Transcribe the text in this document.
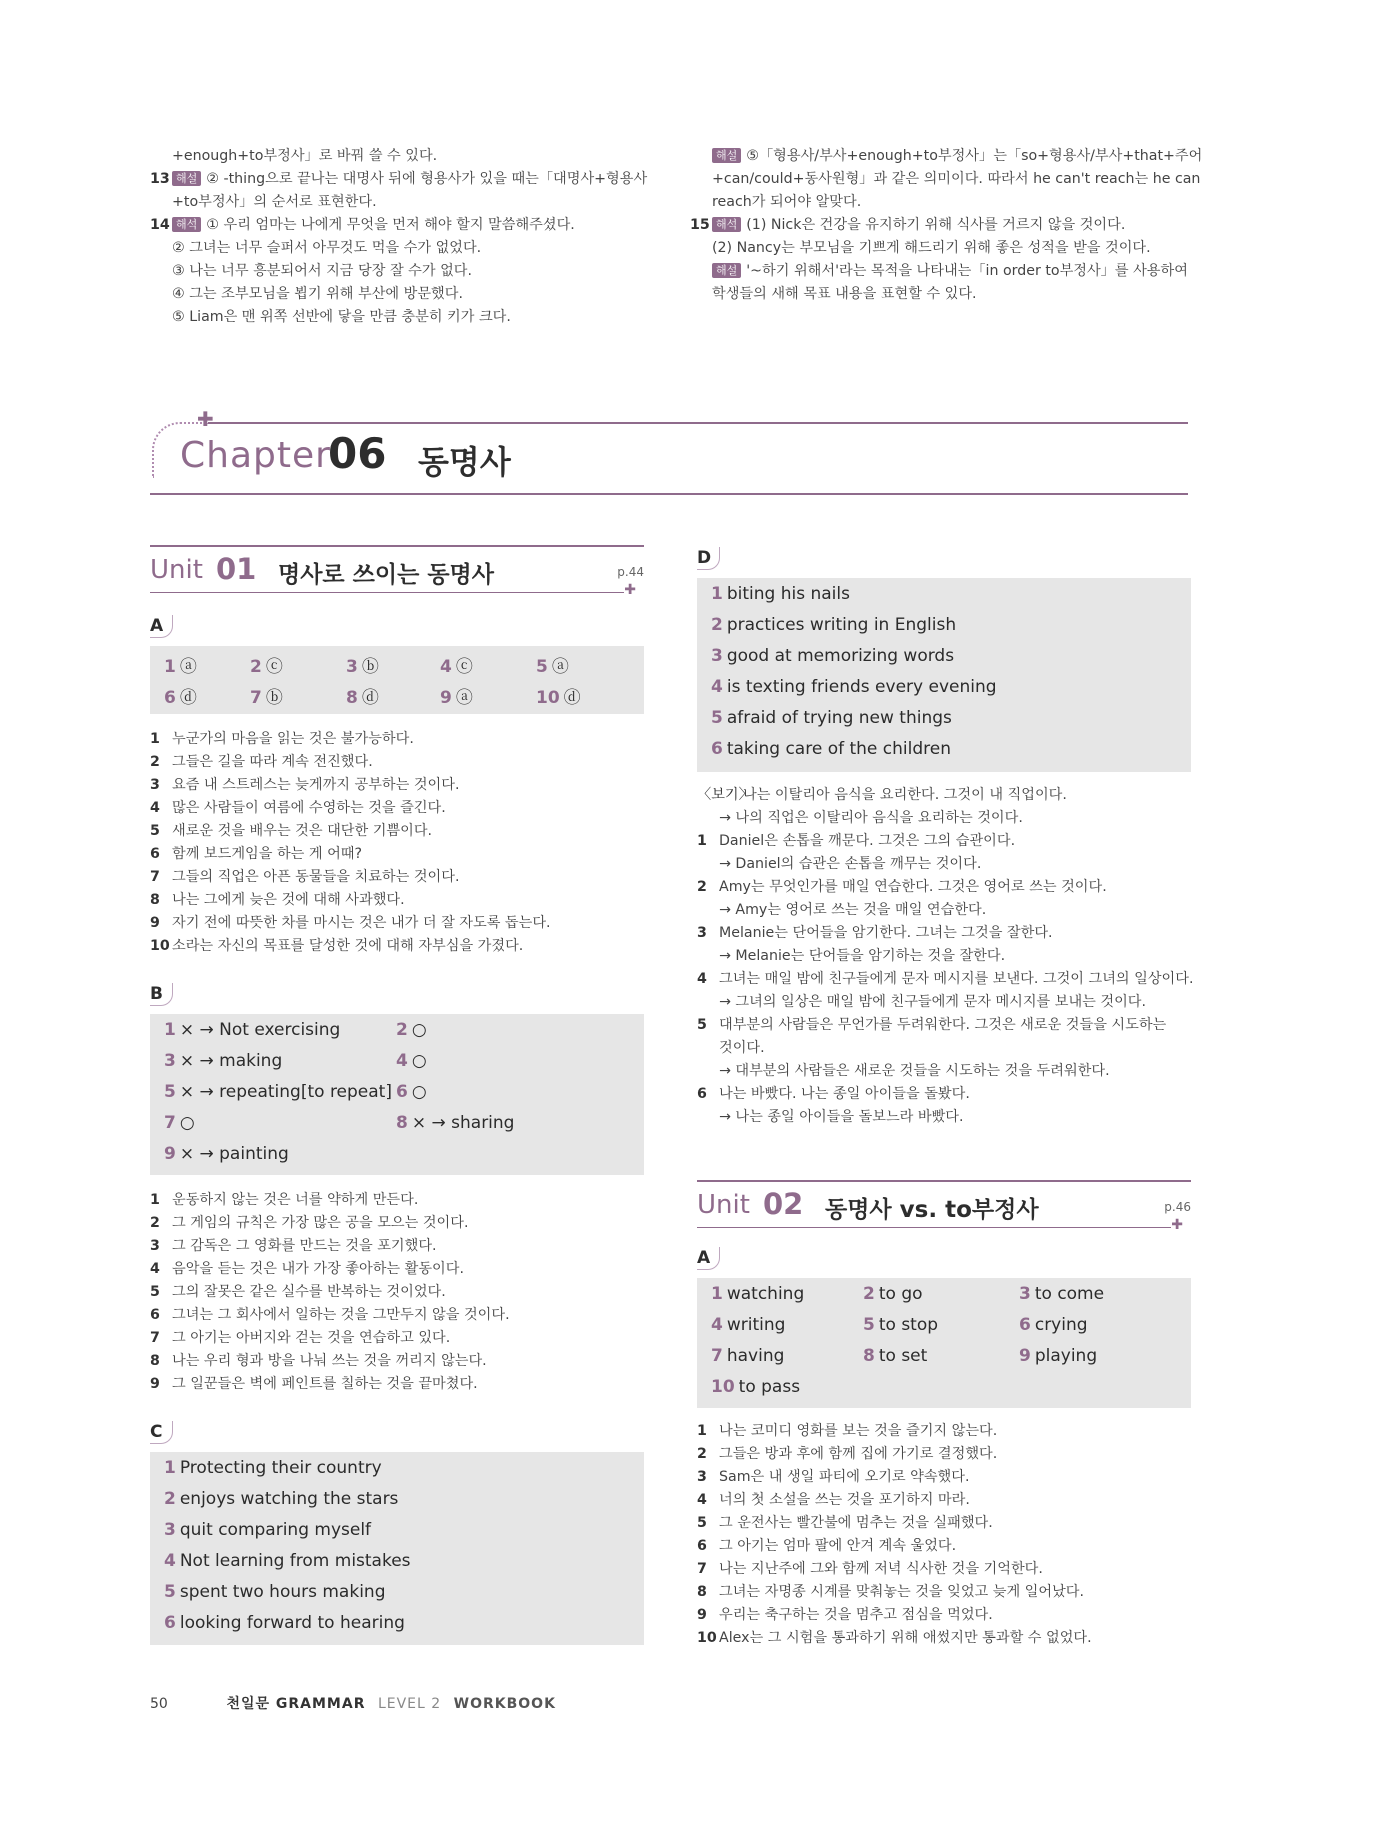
+enough+to부정사」로 바꿔 쓸 수 있다.
13 해설 ② -thing으로 끝나는 대명사 뒤에 형용사가 있을 때는「대명사+형용사
+to부정사」의 순서로 표현한다.
14 해석 ① 우리 엄마는 나에게 무엇을 먼저 해야 할지 말씀해주셨다.
② 그녀는 너무 슬퍼서 아무것도 먹을 수가 없었다.
③ 나는 너무 흥분되어서 지금 당장 잘 수가 없다.
④ 그는 조부모님을 뵙기 위해 부산에 방문했다.
⑤ Liam은 맨 위쪽 선반에 닿을 만큼 충분히 키가 크다.
해설 ⑤「형용사/부사+enough+to부정사」는「so+형용사/부사+that+주어
+can/could+동사원형」과 같은 의미이다. 따라서 he can't reach는 he can
reach가 되어야 알맞다.
15 해석 (1) Nick은 건강을 유지하기 위해 식사를 거르지 않을 것이다.
(2) Nancy는 부모님을 기쁘게 해드리기 위해 좋은 성적을 받을 것이다.
해설 '~하기 위해서'라는 목적을 나타내는「in order to부정사」를 사용하여
학생들의 새해 목표 내용을 표현할 수 있다.
✚
Chapter
06 동명사
Unit 01 명사로 쓰이는 동명사	p.44
✚
A
1 ⓐ	2 ⓒ	3 ⓑ	4 ⓒ	5 ⓐ
6 ⓓ	7 ⓑ	8 ⓓ	9 ⓐ	10 ⓓ
1 누군가의 마음을 읽는 것은 불가능하다.
2 그들은 길을 따라 계속 전진했다.
3 요즘 내 스트레스는 늦게까지 공부하는 것이다.
4 많은 사람들이 여름에 수영하는 것을 즐긴다.
5 새로운 것을 배우는 것은 대단한 기쁨이다.
6 함께 보드게임을 하는 게 어때?
7 그들의 직업은 아픈 동물들을 치료하는 것이다.
8 나는 그에게 늦은 것에 대해 사과했다.
9 자기 전에 따뜻한 차를 마시는 것은 내가 더 잘 자도록 돕는다.
10 소라는 자신의 목표를 달성한 것에 대해 자부심을 가졌다.
B
1 × → Not exercising	2 ○
3 × → making	4 ○
5 × → repeating[to repeat] 6 ○
7 ○	8 × → sharing
9 × → painting
1 운동하지 않는 것은 너를 약하게 만든다.
2 그 게임의 규칙은 가장 많은 공을 모으는 것이다.
3 그 감독은 그 영화를 만드는 것을 포기했다.
4 음악을 듣는 것은 내가 가장 좋아하는 활동이다.
5 그의 잘못은 같은 실수를 반복하는 것이었다.
6 그녀는 그 회사에서 일하는 것을 그만두지 않을 것이다.
7 그 아기는 아버지와 걷는 것을 연습하고 있다.
8 나는 우리 형과 방을 나눠 쓰는 것을 꺼리지 않는다.
9 그 일꾼들은 벽에 페인트를 칠하는 것을 끝마쳤다.
C
1 Protecting their country
2 enjoys watching the stars
3 quit comparing myself
4 Not learning from mistakes
5 spent two hours making
6 looking forward to hearing
D
1 biting his nails
2 practices writing in English
3 good at memorizing words
4 is texting friends every evening
5 afraid of trying new things
6 taking care of the children
〈보기〉나는 이탈리아 음식을 요리한다. 그것이 내 직업이다.
→ 나의 직업은 이탈리아 음식을 요리하는 것이다.
1 Daniel은 손톱을 깨문다. 그것은 그의 습관이다.
→ Daniel의 습관은 손톱을 깨무는 것이다.
2 Amy는 무엇인가를 매일 연습한다. 그것은 영어로 쓰는 것이다.
→ Amy는 영어로 쓰는 것을 매일 연습한다.
3 Melanie는 단어들을 암기한다. 그녀는 그것을 잘한다.
→ Melanie는 단어들을 암기하는 것을 잘한다.
4 그녀는 매일 밤에 친구들에게 문자 메시지를 보낸다. 그것이 그녀의 일상이다.
→ 그녀의 일상은 매일 밤에 친구들에게 문자 메시지를 보내는 것이다.
5 대부분의 사람들은 무언가를 두려워한다. 그것은 새로운 것들을 시도하는
것이다.
→ 대부분의 사람들은 새로운 것들을 시도하는 것을 두려워한다.
6 나는 바빴다. 나는 종일 아이들을 돌봤다.
→ 나는 종일 아이들을 돌보느라 바빴다.
Unit 02 동명사 vs. to부정사	p.46
✚
A
1 watching	2 to go	3 to come
4 writing	5 to stop	6 crying
7 having	8 to set	9 playing
10 to pass
1 나는 코미디 영화를 보는 것을 즐기지 않는다.
2 그들은 방과 후에 함께 집에 가기로 결정했다.
3 Sam은 내 생일 파티에 오기로 약속했다.
4 너의 첫 소설을 쓰는 것을 포기하지 마라.
5 그 운전사는 빨간불에 멈추는 것을 실패했다.
6 그 아기는 엄마 팔에 안겨 계속 울었다.
7 나는 지난주에 그와 함께 저녁 식사한 것을 기억한다.
8 그녀는 자명종 시계를 맞춰놓는 것을 잊었고 늦게 일어났다.
9 우리는 축구하는 것을 멈추고 점심을 먹었다.
10 Alex는 그 시험을 통과하기 위해 애썼지만 통과할 수 없었다.
50	천일문 GRAMMAR LEVEL 2 WORKBOOK
